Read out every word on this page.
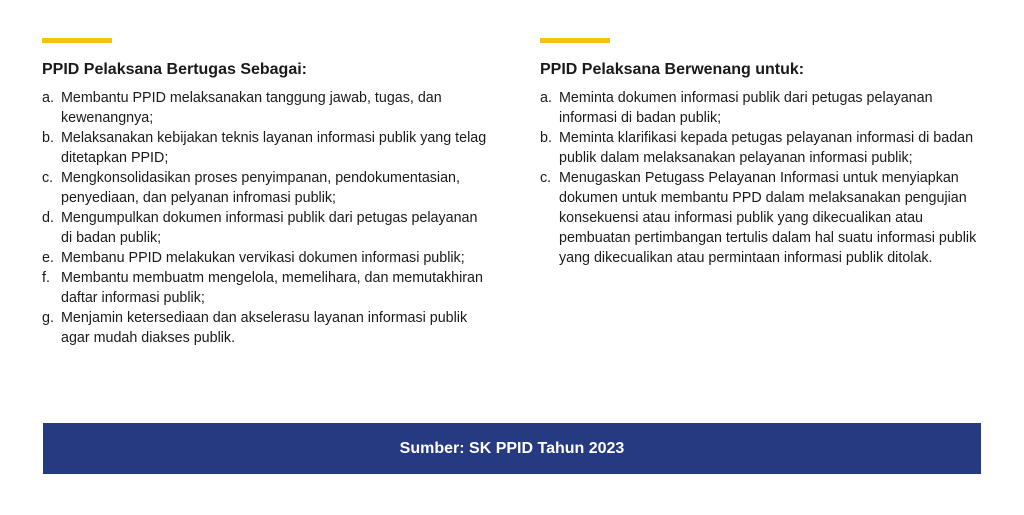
PPID Pelaksana Bertugas Sebagai:
a. Membantu PPID melaksanakan tanggung jawab, tugas, dan kewenangnya;
b. Melaksanakan kebijakan teknis layanan informasi publik yang telag ditetapkan PPID;
c. Mengkonsolidasikan proses penyimpanan, pendokumentasian, penyediaan, dan pelyanan infromasi publik;
d. Mengumpulkan dokumen informasi publik dari petugas pelayanan di badan publik;
e. Membanu PPID melakukan vervikasi dokumen informasi publik;
f. Membantu membuatm mengelola, memelihara, dan memutakhiran daftar informasi publik;
g. Menjamin ketersediaan dan akselerasu layanan informasi publik agar mudah diakses publik.
PPID Pelaksana Berwenang untuk:
a. Meminta dokumen informasi publik dari petugas pelayanan informasi di badan publik;
b. Meminta klarifikasi kepada petugas pelayanan informasi di badan publik dalam melaksanakan pelayanan informasi publik;
c. Menugaskan Petugass Pelayanan Informasi untuk menyiapkan dokumen untuk membantu PPD dalam melaksanakan pengujian konsekuensi atau informasi publik yang dikecualikan atau pembuatan pertimbangan tertulis dalam hal suatu informasi publik yang dikecualikan atau permintaan informasi publik ditolak.
Sumber: SK PPID Tahun 2023
